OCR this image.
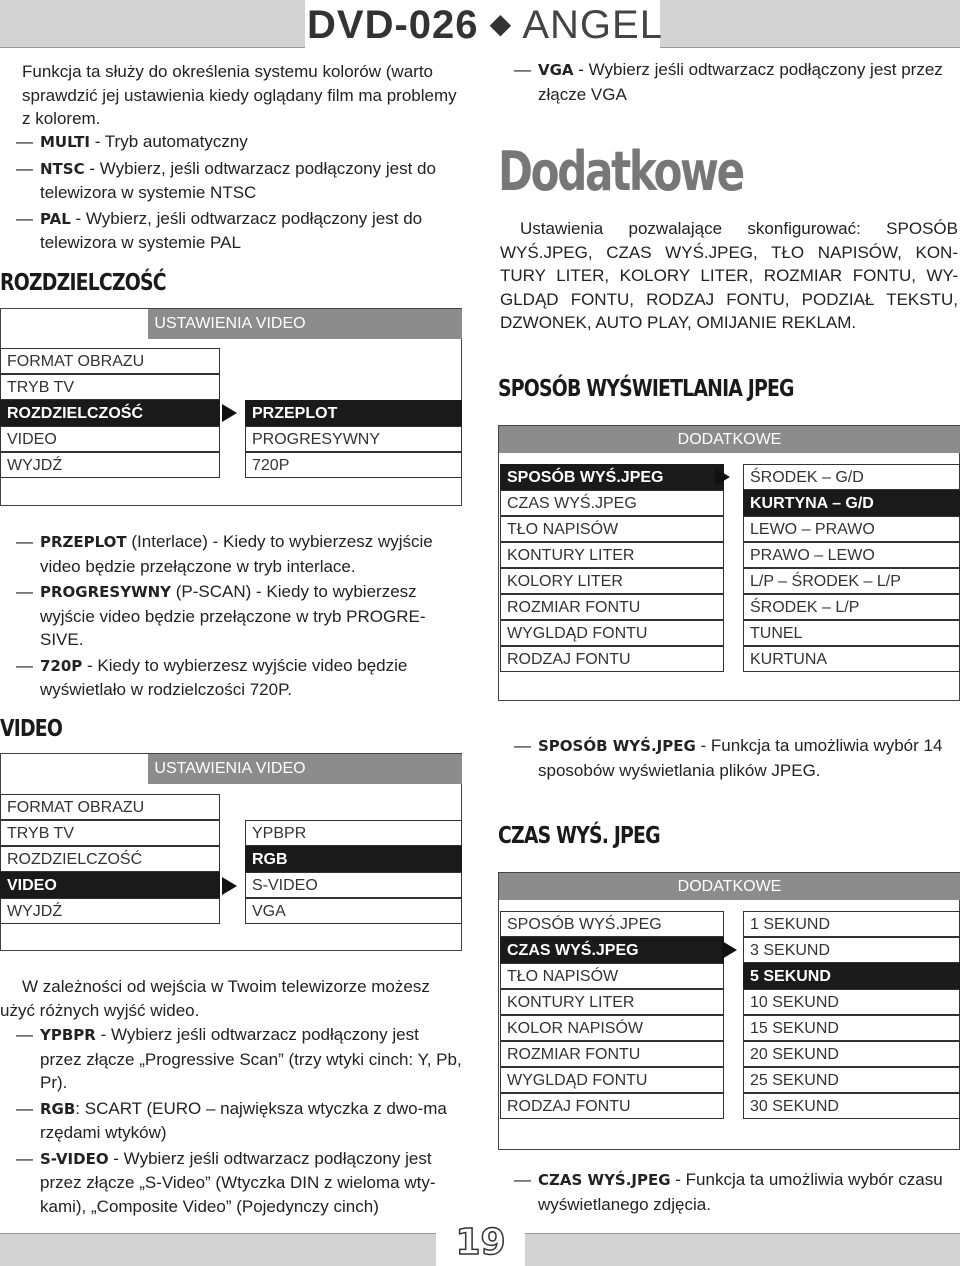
DVD-026 ◆ ANGEL
Funkcja ta służy do określenia systemu kolorów (warto sprawdzić jej ustawienia kiedy oglądany film ma problemy z kolorem.
— MULTI - Tryb automatyczny
— NTSC - Wybierz, jeśli odtwarzacz podłączony jest do telewizora w systemie NTSC
— PAL - Wybierz, jeśli odtwarzacz podłączony jest do telewizora w systemie PAL
ROZDZIELCZOŚĆ
USTAWIENIA VIDEO
FORMAT OBRAZU
TRYB TV
ROZDZIELCZOŚĆ
VIDEO
WYJDŹ
PRZEPLOT
PROGRESYWNY
720P
— PRZEPLOT (Interlace) - Kiedy to wybierzesz wyjście video będzie przełączone w tryb interlace.
— PROGRESYWNY (P-SCAN) - Kiedy to wybierzesz wyjście video będzie przełączone w tryb PROGRE-SIVE.
— 720P - Kiedy to wybierzesz wyjście video będzie wyświetlało w rodzielczości 720P.
VIDEO
USTAWIENIA VIDEO
FORMAT OBRAZU
TRYB TV
ROZDZIELCZOŚĆ
VIDEO
WYJDŹ
YPBPR
RGB
S-VIDEO
VGA
W zależności od wejścia w Twoim telewizorze możesz użyć różnych wyjść wideo.
— YPBPR - Wybierz jeśli odtwarzacz podłączony jest przez złącze „Progressive Scan” (trzy wtyki cinch: Y, Pb, Pr).
— RGB: SCART (EURO – największa wtyczka z dwo-ma rzędami wtyków)
— S-VIDEO - Wybierz jeśli odtwarzacz podłączony jest przez złącze „S-Video” (Wtyczka DIN z wieloma wty-kami), „Composite Video” (Pojedynczy cinch)
— VGA - Wybierz jeśli odtwarzacz podłączony jest przez złącze VGA
Dodatkowe
Ustawienia pozwalające skonfigurować: SPOSÓB WYŚ.JPEG, CZAS WYŚ.JPEG, TŁO NAPISÓW, KON-TURY LITER, KOLORY LITER, ROZMIAR FONTU, WY-GLDĄD FONTU, RODZAJ FONTU, PODZIAŁ TEKSTU, DZWONEK, AUTO PLAY, OMIJANIE REKLAM.
SPOSÓB WYŚWIETLANIA JPEG
DODATKOWE
SPOSÓB WYŚ.JPEG
CZAS WYŚ.JPEG
TŁO NAPISÓW
KONTURY LITER
KOLORY LITER
ROZMIAR FONTU
WYGLDĄD FONTU
RODZAJ FONTU
ŚRODEK – G/D
KURTYNA – G/D
LEWO – PRAWO
PRAWO – LEWO
L/P – ŚRODEK – L/P
ŚRODEK – L/P
TUNEL
KURTUNA
— SPOSÓB WYŚ.JPEG - Funkcja ta umożliwia wybór 14 sposobów wyświetlania plików JPEG.
CZAS WYŚ. JPEG
DODATKOWE
SPOSÓB WYŚ.JPEG
CZAS WYŚ.JPEG
TŁO NAPISÓW
KONTURY LITER
KOLOR NAPISÓW
ROZMIAR FONTU
WYGLDĄD FONTU
RODZAJ FONTU
1 SEKUND
3 SEKUND
5 SEKUND
10 SEKUND
15 SEKUND
20 SEKUND
25 SEKUND
30 SEKUND
— CZAS WYŚ.JPEG - Funkcja ta umożliwia wybór czasu wyświetlanego zdjęcia.
19
